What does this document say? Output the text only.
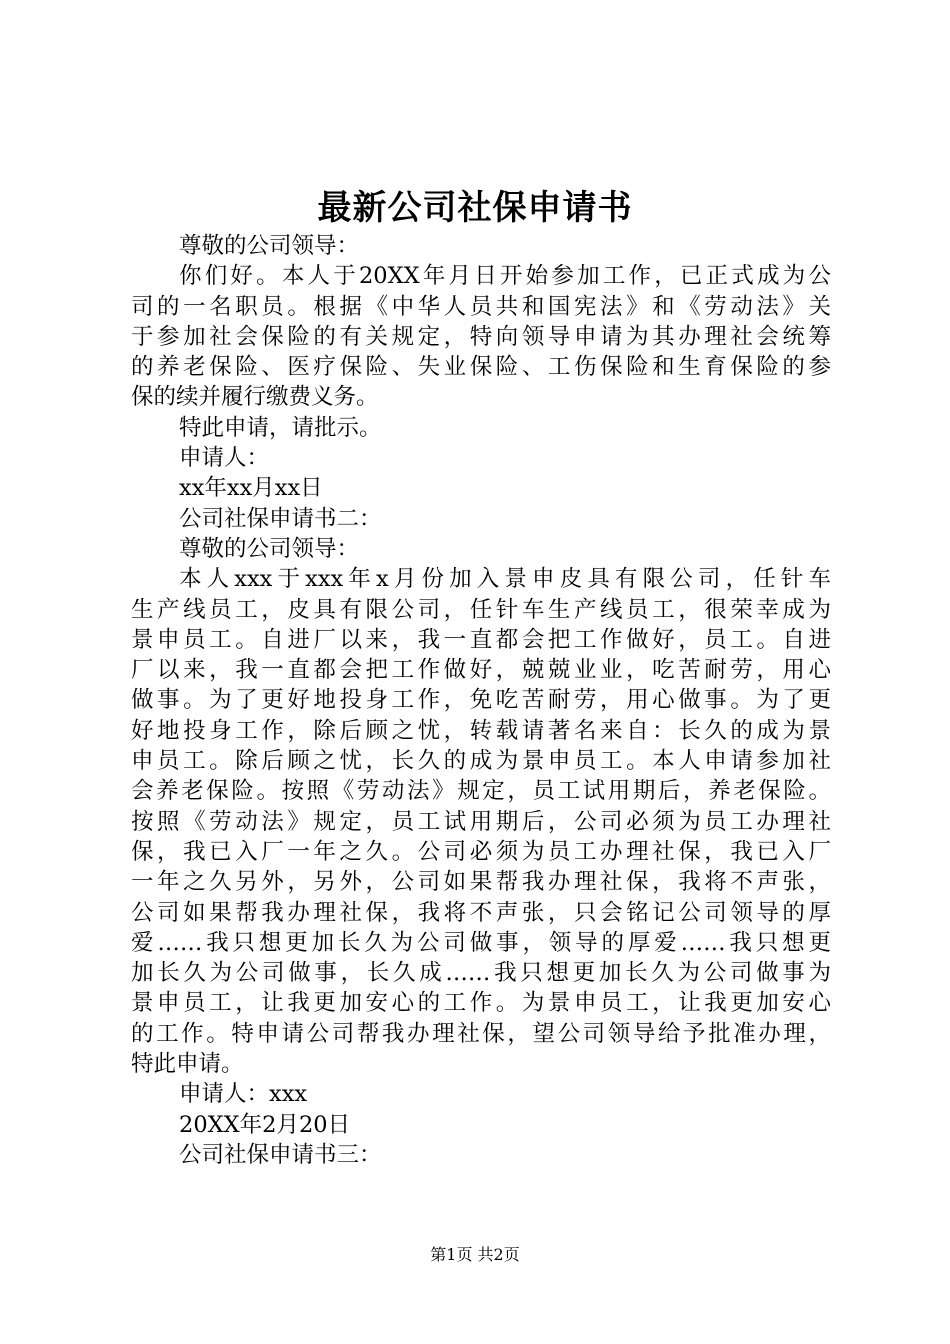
最新公司社保申请书
尊敬的公司领导：
你们好。本人于20XX年月日开始参加工作，已正式成为公
司的一名职员。根据《中华人员共和国宪法》和《劳动法》关
于参加社会保险的有关规定，特向领导申请为其办理社会统筹
的养老保险、医疗保险、失业保险、工伤保险和生育保险的参
保的续并履行缴费义务。
特此申请，请批示。
申请人：
xx年xx月xx日
公司社保申请书二：
尊敬的公司领导：
本人xxx于xxx年x月份加入景申皮具有限公司，任针车
生产线员工，皮具有限公司，任针车生产线员工，很荣幸成为
景申员工。自进厂以来，我一直都会把工作做好，员工。自进
厂以来，我一直都会把工作做好，兢兢业业，吃苦耐劳，用心
做事。为了更好地投身工作，免吃苦耐劳，用心做事。为了更
好地投身工作，除后顾之忧，转载请著名来自：长久的成为景
申员工。除后顾之忧，长久的成为景申员工。本人申请参加社
会养老保险。按照《劳动法》规定，员工试用期后，养老保险。
按照《劳动法》规定，员工试用期后，公司必须为员工办理社
保，我已入厂一年之久。公司必须为员工办理社保，我已入厂
一年之久另外，另外，公司如果帮我办理社保，我将不声张，
公司如果帮我办理社保，我将不声张，只会铭记公司领导的厚
爱……我只想更加长久为公司做事，领导的厚爱……我只想更
加长久为公司做事，长久成……我只想更加长久为公司做事为
景申员工，让我更加安心的工作。为景申员工，让我更加安心
的工作。特申请公司帮我办理社保，望公司领导给予批准办理，
特此申请。
申请人：xxx
20XX年2月20日
公司社保申请书三：
第1页 共2页
